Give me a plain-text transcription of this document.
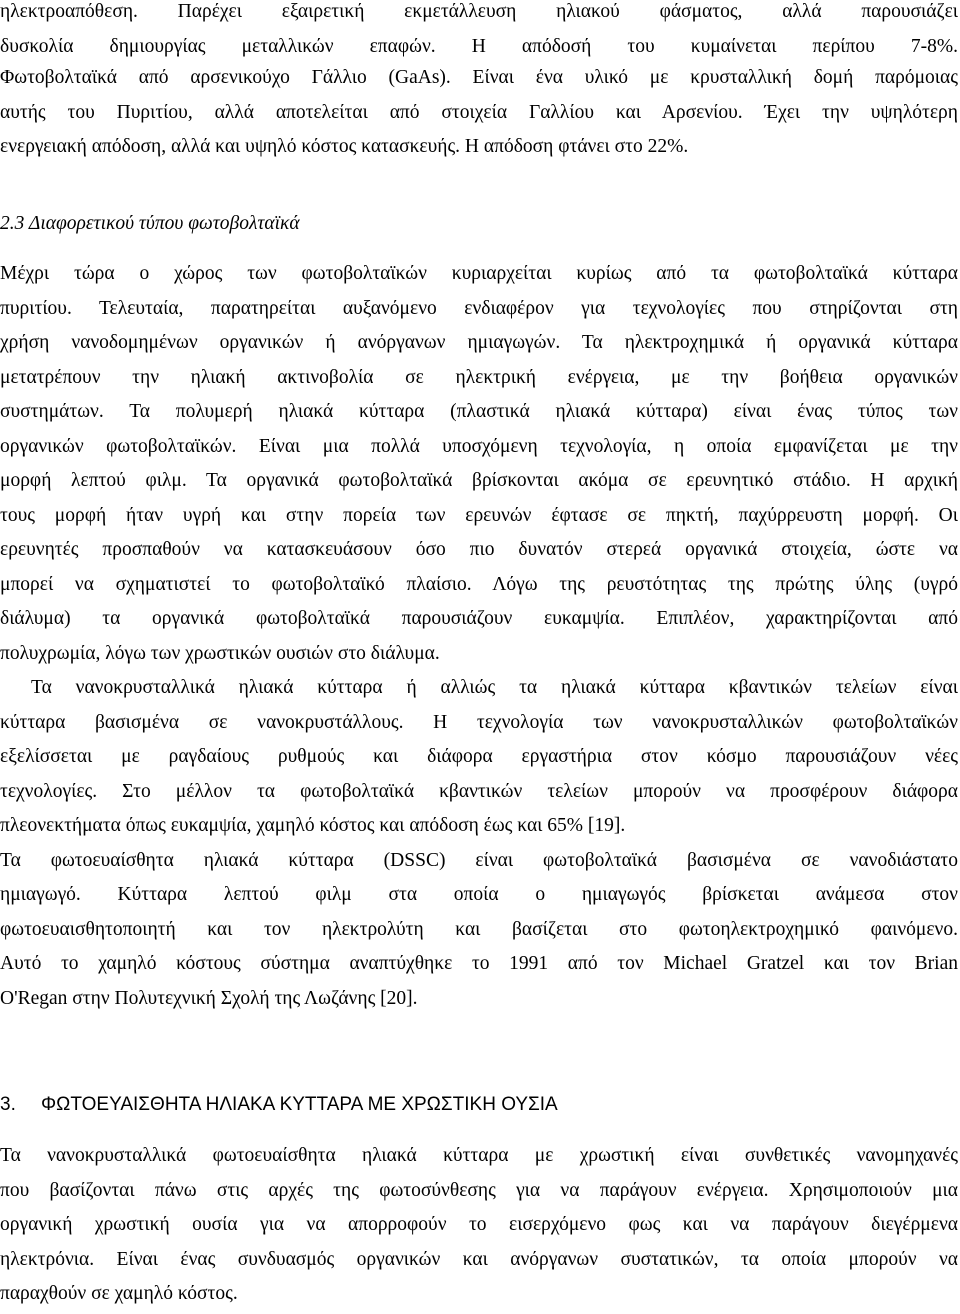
ηλεκτροαπόθεση. Παρέχει εξαιρετική εκμετάλλευση ηλιακού φάσματος, αλλά παρουσιάζει
δυσκολία δημιουργίας μεταλλικών επαφών. Η απόδοσή του κυμαίνεται περίπου 7-8%.
Φωτοβολταϊκά από αρσενικούχο Γάλλιο (GaAs). Είναι ένα υλικό με κρυσταλλική δομή παρόμοιας
αυτής του Πυριτίου, αλλά αποτελείται από στοιχεία Γαλλίου και Αρσενίου. Έχει την υψηλότερη
ενεργειακή απόδοση, αλλά και υψηλό κόστος κατασκευής. Η απόδοση φτάνει στο 22%.
2.3 Διαφορετικού τύπου φωτοβολταϊκά
Μέχρι τώρα ο χώρος των φωτοβολταϊκών κυριαρχείται κυρίως από τα φωτοβολταϊκά κύτταρα
πυριτίου. Τελευταία, παρατηρείται αυξανόμενο ενδιαφέρον για τεχνολογίες που στηρίζονται στη
χρήση νανοδομημένων οργανικών ή ανόργανων ημιαγωγών. Τα ηλεκτροχημικά ή οργανικά κύτταρα
μετατρέπουν την ηλιακή ακτινοβολία σε ηλεκτρική ενέργεια, με την βοήθεια οργανικών
συστημάτων. Τα πολυμερή ηλιακά κύτταρα (πλαστικά ηλιακά κύτταρα) είναι ένας τύπος των
οργανικών φωτοβολταϊκών. Είναι μια πολλά υποσχόμενη τεχνολογία, η οποία εμφανίζεται με την
μορφή λεπτού φιλμ. Τα οργανικά φωτοβολταϊκά βρίσκονται ακόμα σε ερευνητικό στάδιο. Η αρχική
τους μορφή ήταν υγρή και στην πορεία των ερευνών έφτασε σε πηκτή, παχύρρευστη μορφή. Οι
ερευνητές προσπαθούν να κατασκευάσουν όσο πιο δυνατόν στερεά οργανικά στοιχεία, ώστε να
μπορεί να σχηματιστεί το φωτοβολταϊκό πλαίσιο. Λόγω της ρευστότητας της πρώτης ύλης (υγρό
διάλυμα) τα οργανικά φωτοβολταϊκά παρουσιάζουν ευκαμψία. Επιπλέον, χαρακτηρίζονται από
πολυχρωμία, λόγω των χρωστικών ουσιών στο διάλυμα.
Τα νανοκρυσταλλικά ηλιακά κύτταρα ή αλλιώς τα ηλιακά κύτταρα κβαντικών τελείων είναι
κύτταρα βασισμένα σε νανοκρυστάλλους. Η τεχνολογία των νανοκρυσταλλικών φωτοβολταϊκών
εξελίσσεται με ραγδαίους ρυθμούς και διάφορα εργαστήρια στον κόσμο παρουσιάζουν νέες
τεχνολογίες. Στο μέλλον τα φωτοβολταϊκά κβαντικών τελείων μπορούν να προσφέρουν διάφορα
πλεονεκτήματα όπως ευκαμψία, χαμηλό κόστος και απόδοση έως και 65% [19].
Τα φωτοευαίσθητα ηλιακά κύτταρα (DSSC) είναι φωτοβολταϊκά βασισμένα σε νανοδιάστατο
ημιαγωγό. Κύτταρα λεπτού φιλμ στα οποία ο ημιαγωγός βρίσκεται ανάμεσα στον
φωτοευαισθητοποιητή και τον ηλεκτρολύτη και βασίζεται στο φωτοηλεκτροχημικό φαινόμενο.
Αυτό το χαμηλό κόστους σύστημα αναπτύχθηκε το 1991 από τον Michael Gratzel και τον Brian
O'Regan στην Πολυτεχνική Σχολή της Λωζάνης [20].
3. ΦΩΤΟΕΥΑΙΣΘΗΤΑ ΗΛΙΑΚΑ ΚΥΤΤΑΡΑ ΜΕ ΧΡΩΣΤΙΚΗ ΟΥΣΙΑ
Τα νανοκρυσταλλικά φωτοευαίσθητα ηλιακά κύτταρα με χρωστική είναι συνθετικές νανομηχανές
που βασίζονται πάνω στις αρχές της φωτοσύνθεσης για να παράγουν ενέργεια. Χρησιμοποιούν μια
οργανική χρωστική ουσία για να απορροφούν το εισερχόμενο φως και να παράγουν διεγέρμενα
ηλεκτρόνια. Είναι ένας συνδυασμός οργανικών και ανόργανων συστατικών, τα οποία μπορούν να
παραχθούν σε χαμηλό κόστος.
